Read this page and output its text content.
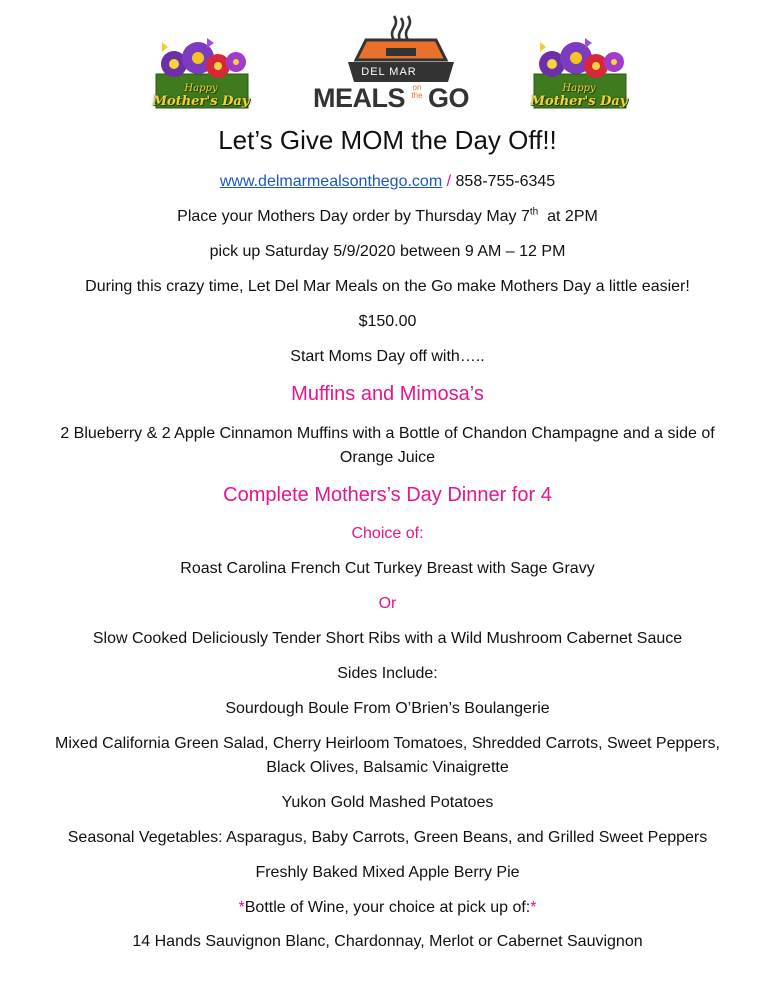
Happy
Mother's Day
DEL MAR
MEALS on
the GO	Happy
Mother's Day
Let’s Give MOM the Day Off!!
www.delmarmealsonthego.com / 858-755-6345
Place your Mothers Day order by Thursday May 7th at 2PM
pick up Saturday 5/9/2020 between 9 AM – 12 PM
During this crazy time, Let Del Mar Meals on the Go make Mothers Day a little easier!
$150.00
Start Moms Day off with…..
Muffins and Mimosa’s
2 Blueberry & 2 Apple Cinnamon Muffins with a Bottle of Chandon Champagne and a side of
Orange Juice
Complete Mothers’s Day Dinner for 4
Choice of:
Roast Carolina French Cut Turkey Breast with Sage Gravy
Or
Slow Cooked Deliciously Tender Short Ribs with a Wild Mushroom Cabernet Sauce
Sides Include:
Sourdough Boule From O’Brien’s Boulangerie
Mixed California Green Salad, Cherry Heirloom Tomatoes, Shredded Carrots, Sweet Peppers,
Black Olives, Balsamic Vinaigrette
Yukon Gold Mashed Potatoes
Seasonal Vegetables: Asparagus, Baby Carrots, Green Beans, and Grilled Sweet Peppers
Freshly Baked Mixed Apple Berry Pie
*Bottle of Wine, your choice at pick up of:*
14 Hands Sauvignon Blanc, Chardonnay, Merlot or Cabernet Sauvignon
